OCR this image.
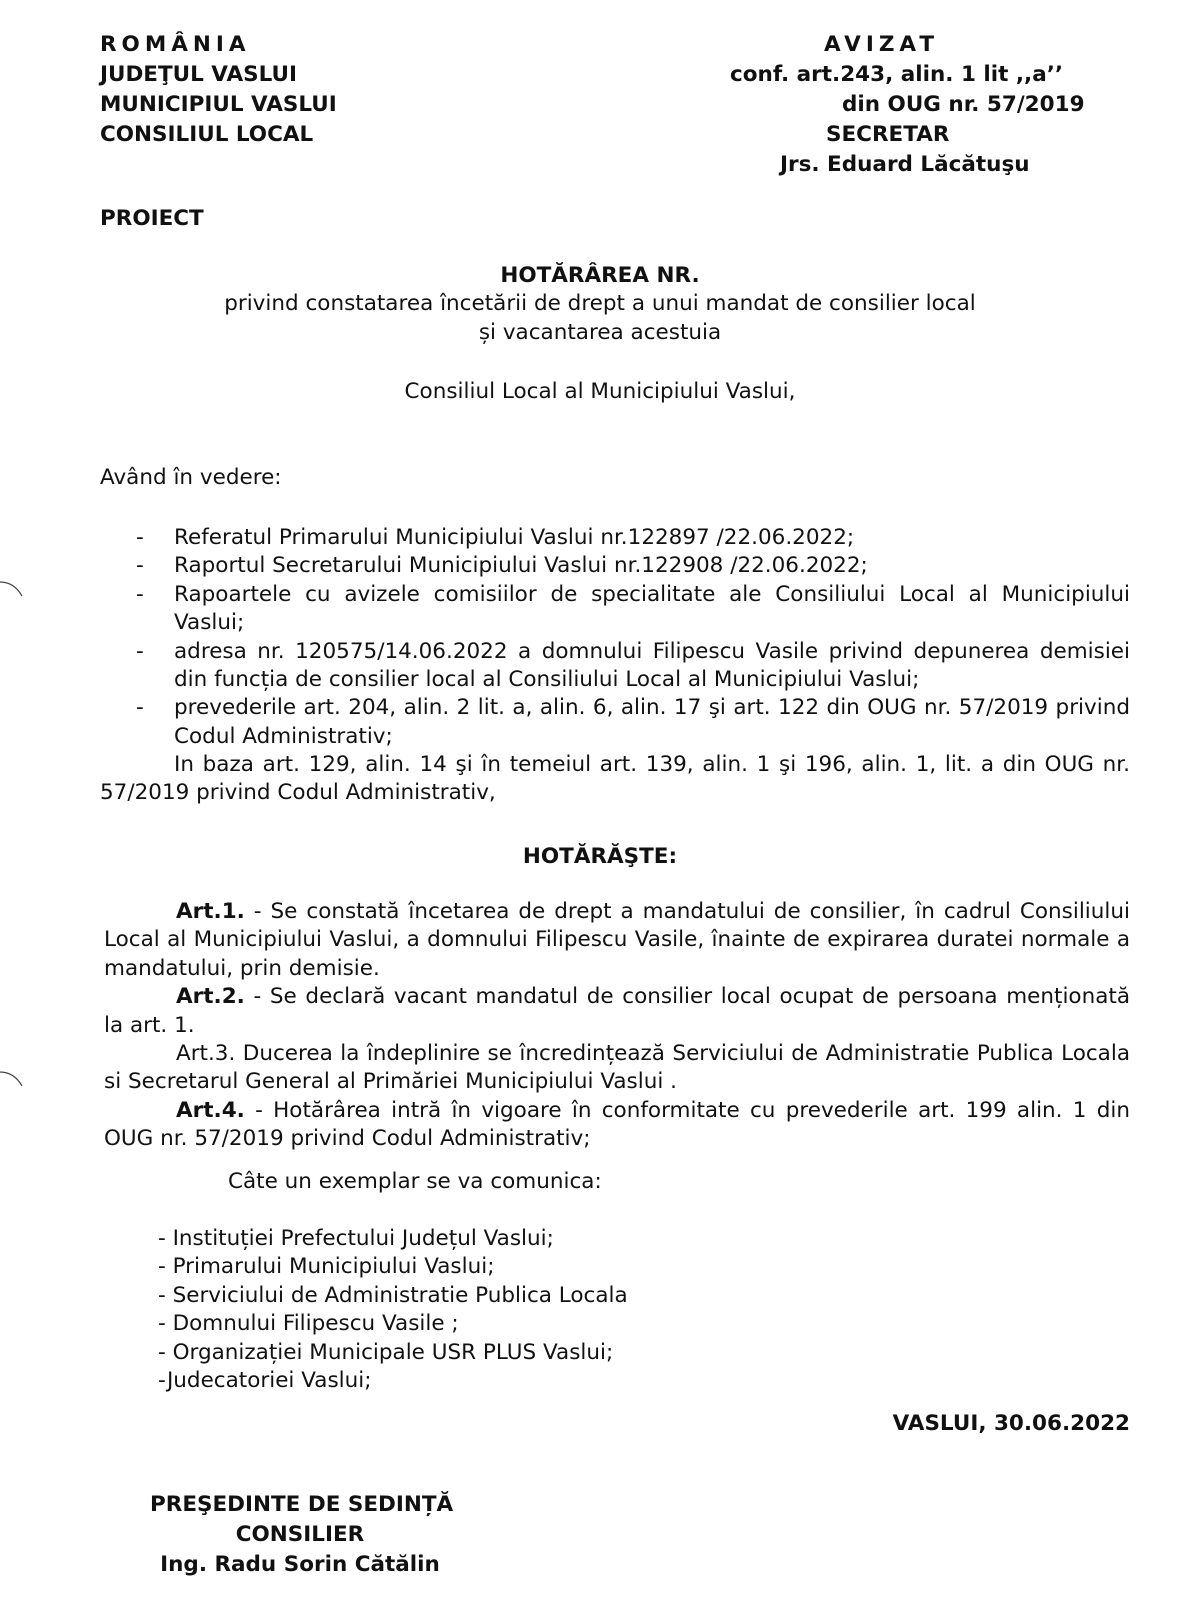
ROMÂNIA
JUDEŢUL VASLUI
MUNICIPIUL VASLUI
CONSILIUL LOCAL
AVIZAT
conf. art.243, alin. 1 lit ,,a’’
din OUG nr. 57/2019
SECRETAR
Jrs. Eduard Lăcătuşu
PROIECT
HOTĂRÂREA NR.
privind constatarea încetării de drept a unui mandat de consilier local
și vacantarea acestuia
Consiliul Local al Municipiului Vaslui,
Având în vedere:
- Referatul Primarului Municipiului Vaslui nr.122897 /22.06.2022;
- Raportul Secretarului Municipiului Vaslui nr.122908 /22.06.2022;
- Rapoartele cu avizele comisiilor de specialitate ale Consiliului Local al Municipiului Vaslui;
- adresa nr. 120575/14.06.2022 a domnului Filipescu Vasile privind depunerea demisiei din funcția de consilier local al Consiliului Local al Municipiului Vaslui;
- prevederile art. 204, alin. 2 lit. a, alin. 6, alin. 17 şi art. 122 din OUG nr. 57/2019 privind Codul Administrativ;
In baza art. 129, alin. 14 şi în temeiul art. 139, alin. 1 şi 196, alin. 1, lit. a din OUG nr. 57/2019 privind Codul Administrativ,
HOTĂRĂŞTE:
Art.1. - Se constată încetarea de drept a mandatului de consilier, în cadrul Consiliului Local al Municipiului Vaslui, a domnului Filipescu Vasile, înainte de expirarea duratei normale a mandatului, prin demisie.
Art.2. - Se declară vacant mandatul de consilier local ocupat de persoana menționată la art. 1.
Art.3. Ducerea la îndeplinire se încredințează Serviciului de Administratie Publica Locala si Secretarul General al Primăriei Municipiului Vaslui .
Art.4. - Hotărârea intră în vigoare în conformitate cu prevederile art. 199 alin. 1 din OUG nr. 57/2019 privind Codul Administrativ;
Câte un exemplar se va comunica:
- Instituției Prefectului Județul Vaslui;
- Primarului Municipiului Vaslui;
- Serviciului de Administratie Publica Locala
- Domnului Filipescu Vasile ;
- Organizației Municipale USR PLUS Vaslui;
-Judecatoriei Vaslui;
VASLUI, 30.06.2022
PREŞEDINTE DE SEDINȚĂ
CONSILIER
Ing. Radu Sorin Cătălin
